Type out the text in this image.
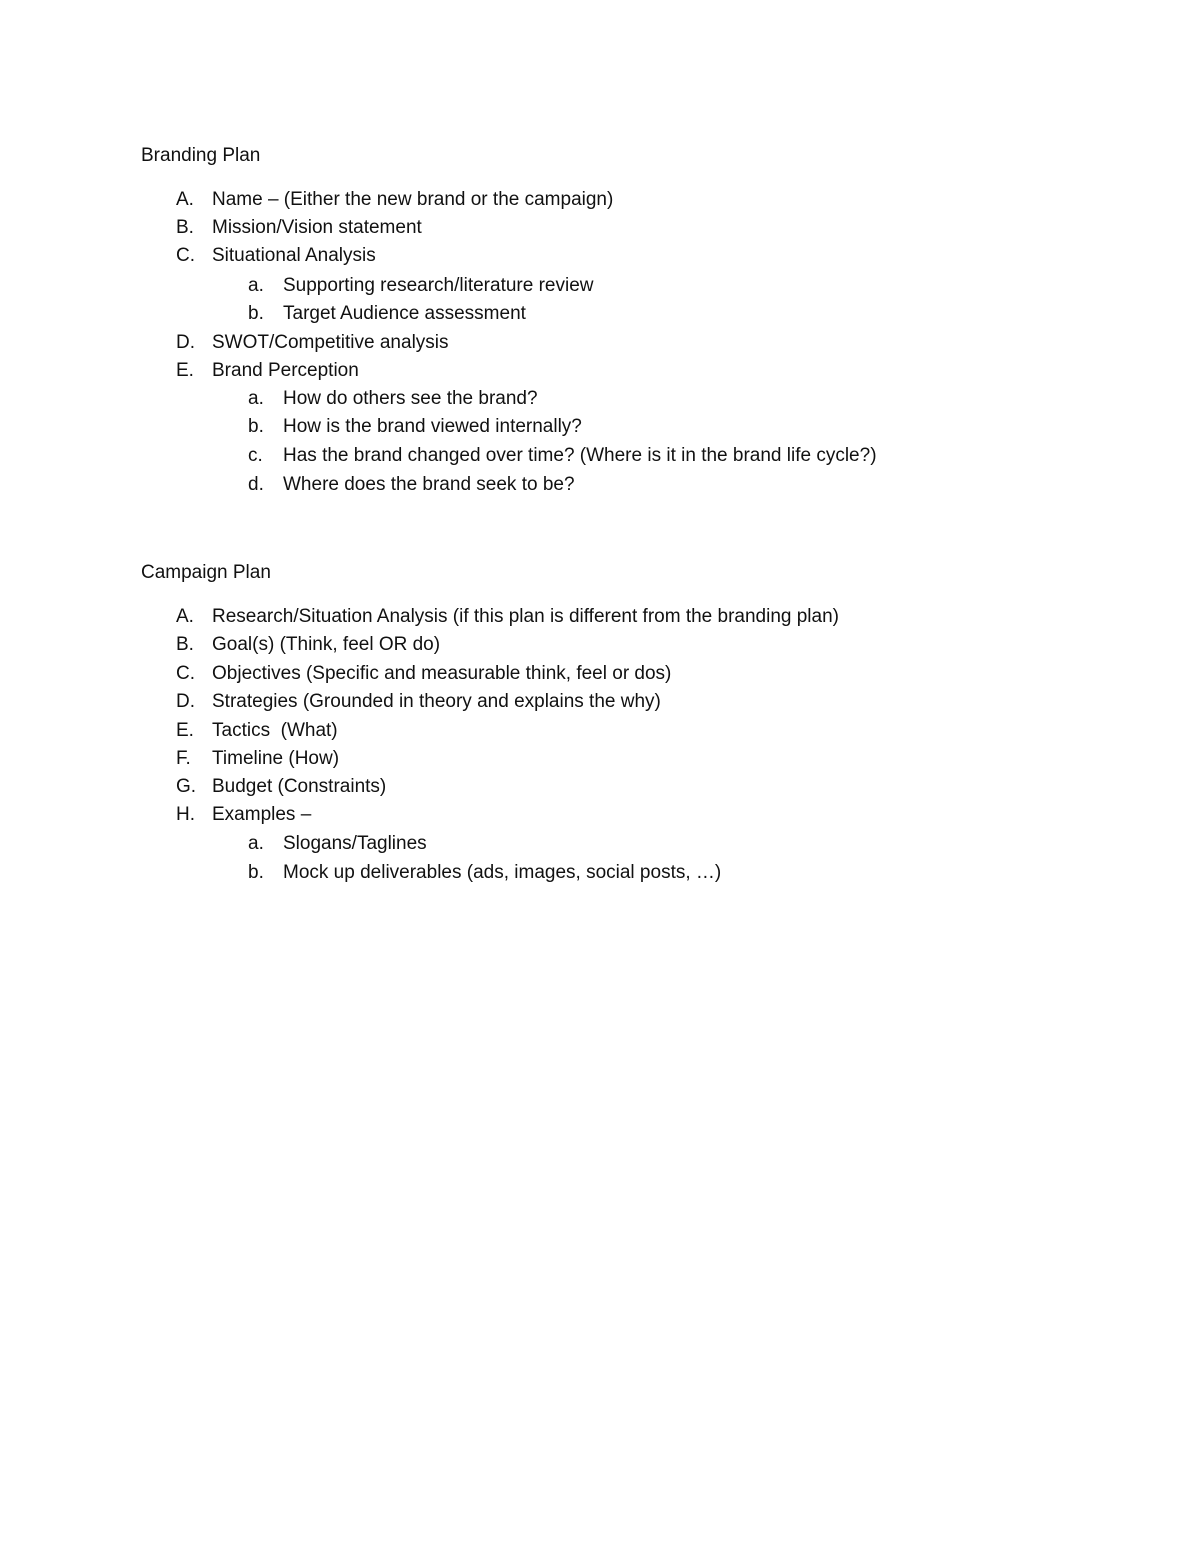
Branding Plan
A. Name – (Either the new brand or the campaign)
B. Mission/Vision statement
C. Situational Analysis
a. Supporting research/literature review
b. Target Audience assessment
D. SWOT/Competitive analysis
E. Brand Perception
a. How do others see the brand?
b. How is the brand viewed internally?
c. Has the brand changed over time? (Where is it in the brand life cycle?)
d. Where does the brand seek to be?
Campaign Plan
A. Research/Situation Analysis (if this plan is different from the branding plan)
B. Goal(s) (Think, feel OR do)
C. Objectives (Specific and measurable think, feel or dos)
D. Strategies (Grounded in theory and explains the why)
E. Tactics  (What)
F. Timeline (How)
G. Budget (Constraints)
H. Examples –
a. Slogans/Taglines
b. Mock up deliverables (ads, images, social posts, …)
